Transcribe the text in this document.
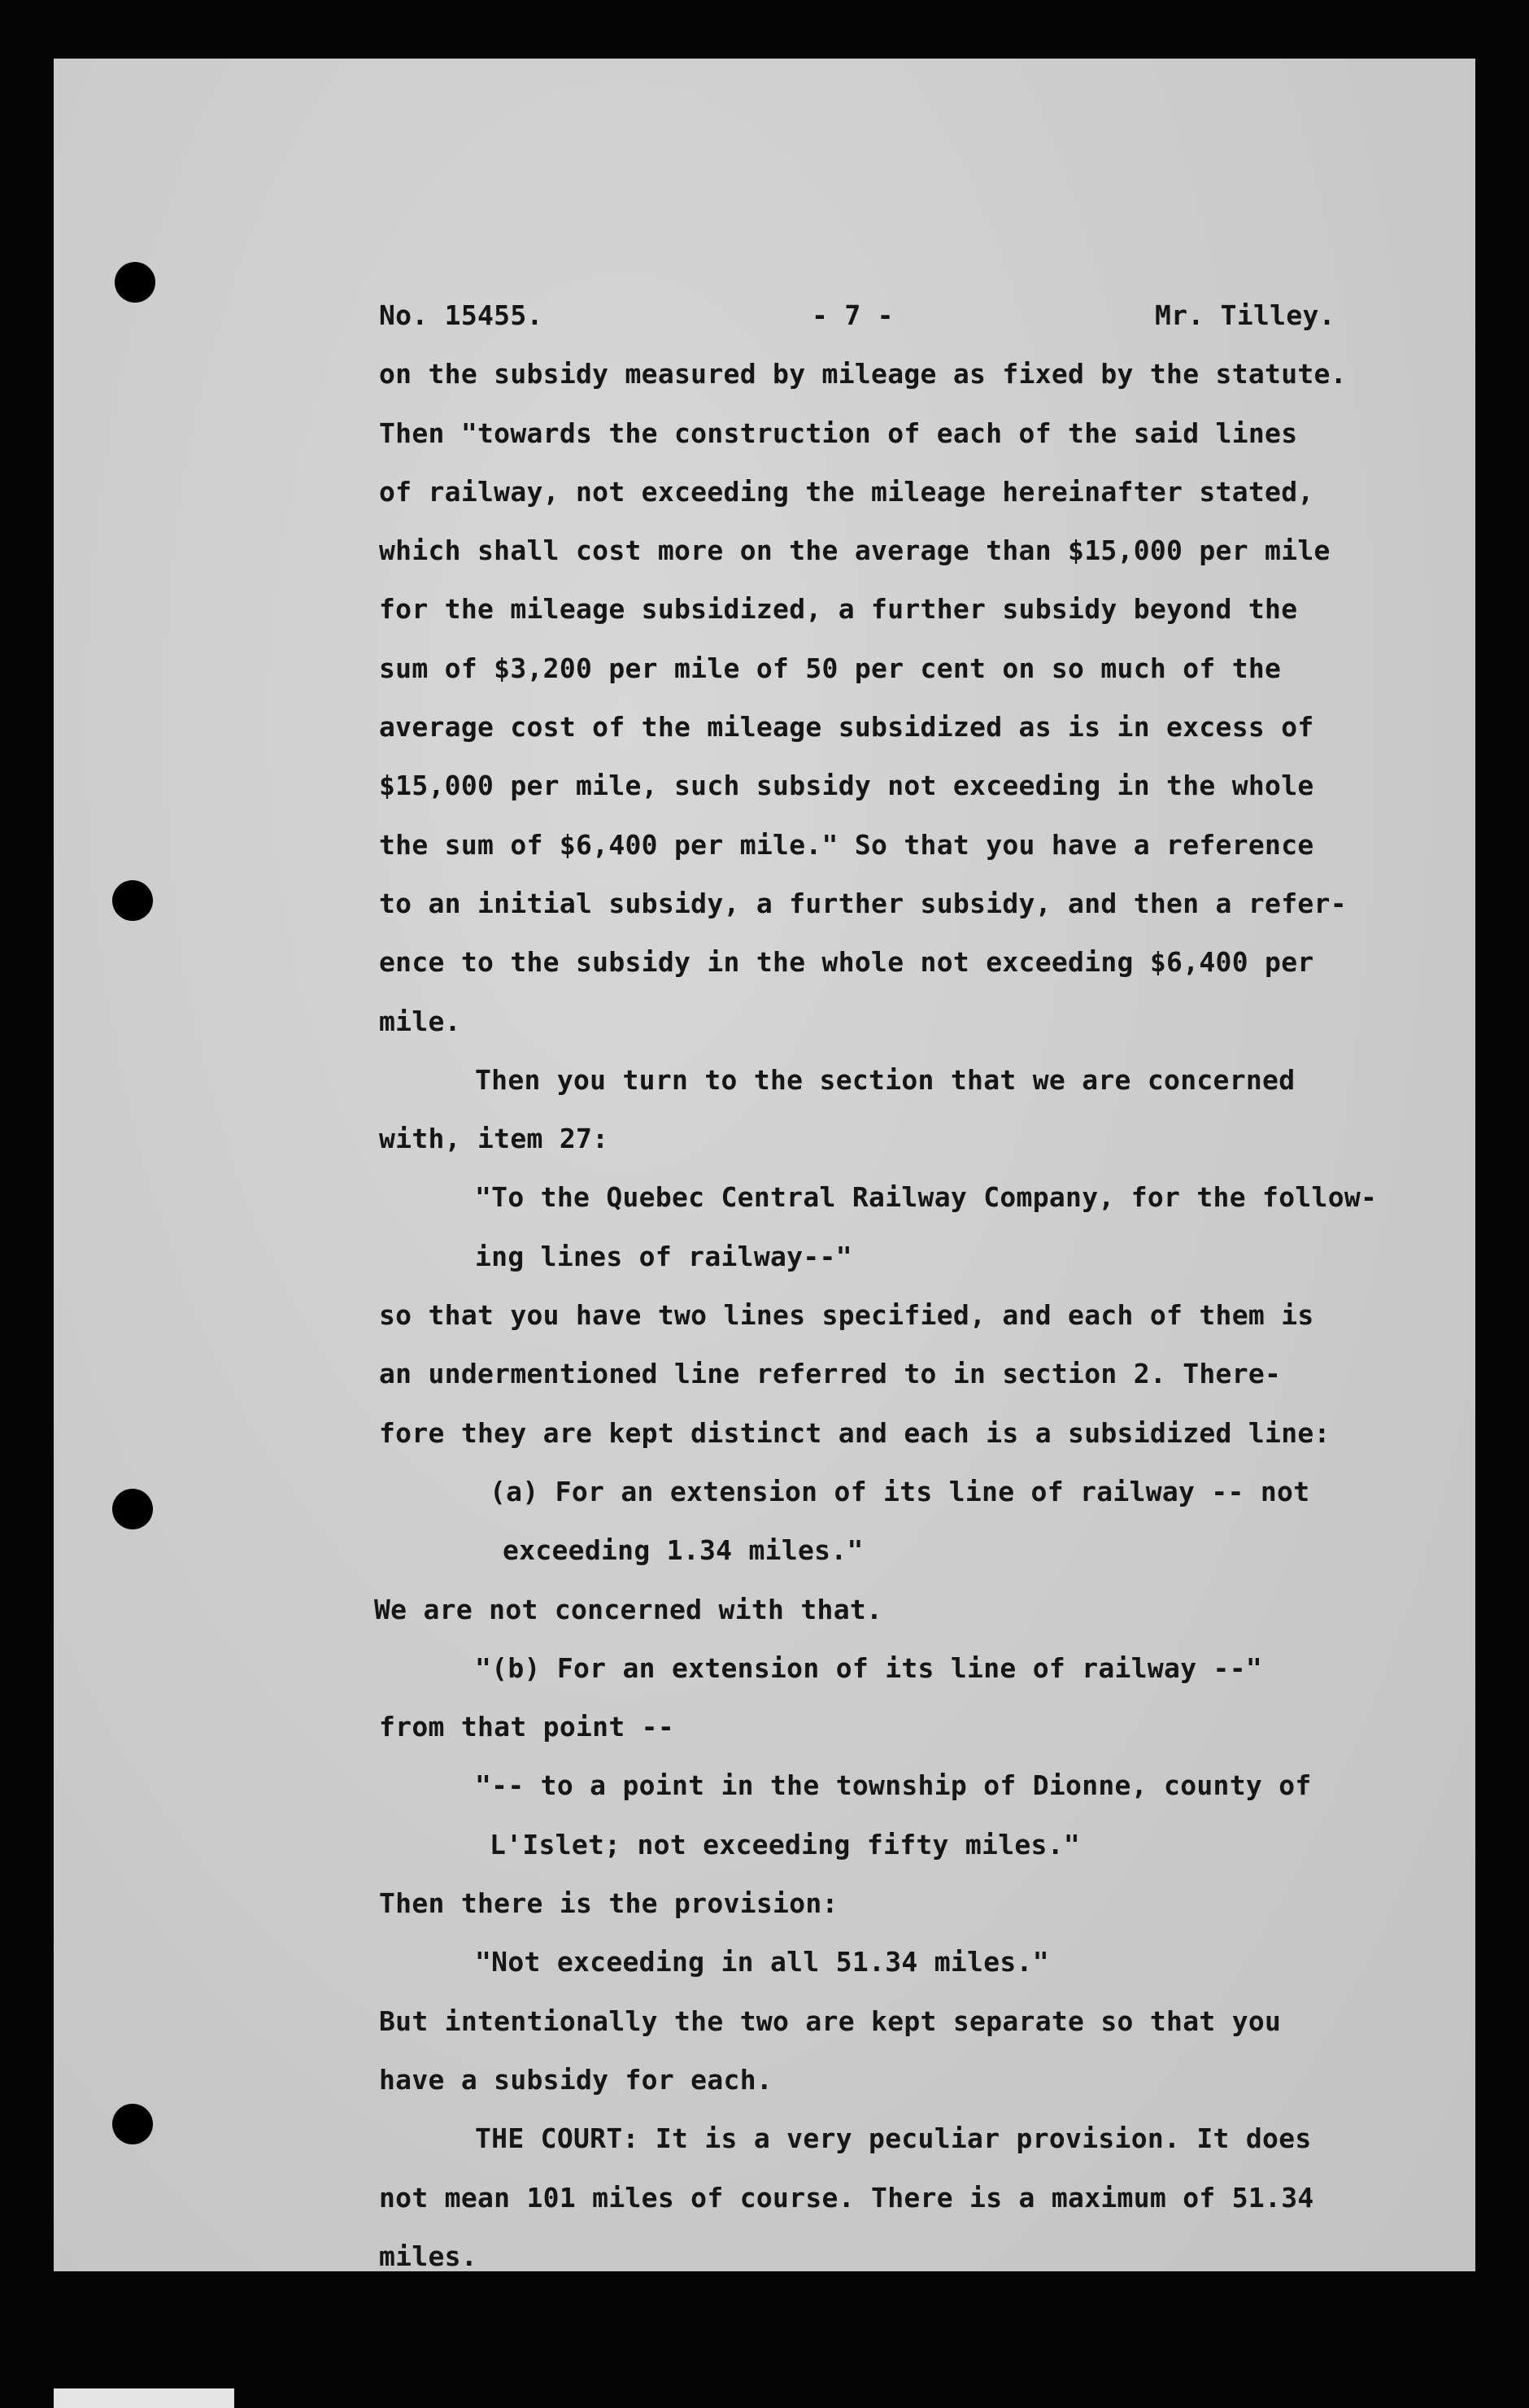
No. 15455.	- 7 -	Mr. Tilley.
on the subsidy measured by mileage as fixed by the statute.
Then "towards the construction of each of the said lines
of railway, not exceeding the mileage hereinafter stated,
which shall cost more on the average than $15,000 per mile
for the mileage subsidized, a further subsidy beyond the
sum of $3,200 per mile of 50 per cent on so much of the
average cost of the mileage subsidized as is in excess of
$15,000 per mile, such subsidy not exceeding in the whole
the sum of $6,400 per mile." So that you have a reference
to an initial subsidy, a further subsidy, and then a refer-
ence to the subsidy in the whole not exceeding $6,400 per
mile.
Then you turn to the section that we are concerned
with, item 27:
"To the Quebec Central Railway Company, for the follow-
ing lines of railway--"
so that you have two lines specified, and each of them is
an undermentioned line referred to in section 2. There-
fore they are kept distinct and each is a subsidized line:
(a) For an extension of its line of railway -- not
exceeding 1.34 miles."
We are not concerned with that.
"(b) For an extension of its line of railway --"
from that point --
"-- to a point in the township of Dionne, county of
L'Islet; not exceeding fifty miles."
Then there is the provision:
"Not exceeding in all 51.34 miles."
But intentionally the two are kept separate so that you
have a subsidy for each.
THE COURT: It is a very peculiar provision. It does
not mean 101 miles of course. There is a maximum of 51.34
miles.
